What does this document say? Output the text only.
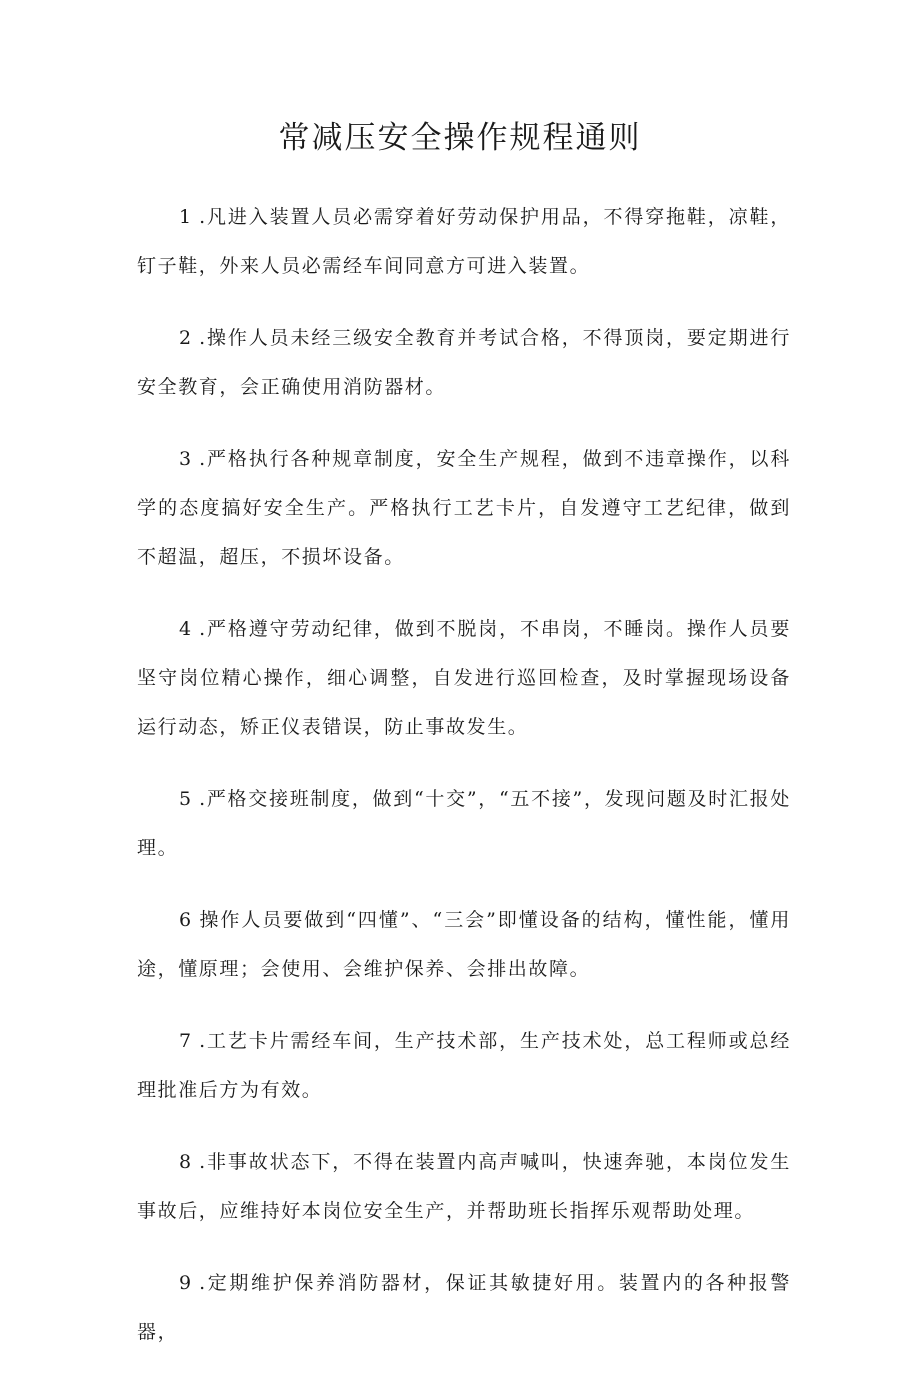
常减压安全操作规程通则

1.凡进入装置人员必需穿着好劳动保护用品，不得穿拖鞋，凉鞋，钉子鞋，外来人员必需经车间同意方可进入装置。

2.操作人员未经三级安全教育并考试合格，不得顶岗，要定期进行安全教育，会正确使用消防器材。

3.严格执行各种规章制度，安全生产规程，做到不违章操作，以科学的态度搞好安全生产。严格执行工艺卡片，自发遵守工艺纪律，做到不超温，超压，不损坏设备。

4.严格遵守劳动纪律，做到不脱岗，不串岗，不睡岗。操作人员要坚守岗位精心操作，细心调整，自发进行巡回检查，及时掌握现场设备运行动态，矫正仪表错误，防止事故发生。

5.严格交接班制度，做到“十交”，“五不接”，发现问题及时汇报处理。

6操作人员要做到“四懂”、“三会”即懂设备的结构，懂性能，懂用途，懂原理；会使用、会维护保养、会排出故障。

7.工艺卡片需经车间，生产技术部，生产技术处，总工程师或总经理批准后方为有效。

8.非事故状态下，不得在装置内高声喊叫，快速奔驰，本岗位发生事故后，应维持好本岗位安全生产，并帮助班长指挥乐观帮助处理。

9.定期维护保养消防器材，保证其敏捷好用。装置内的各种报警器，
